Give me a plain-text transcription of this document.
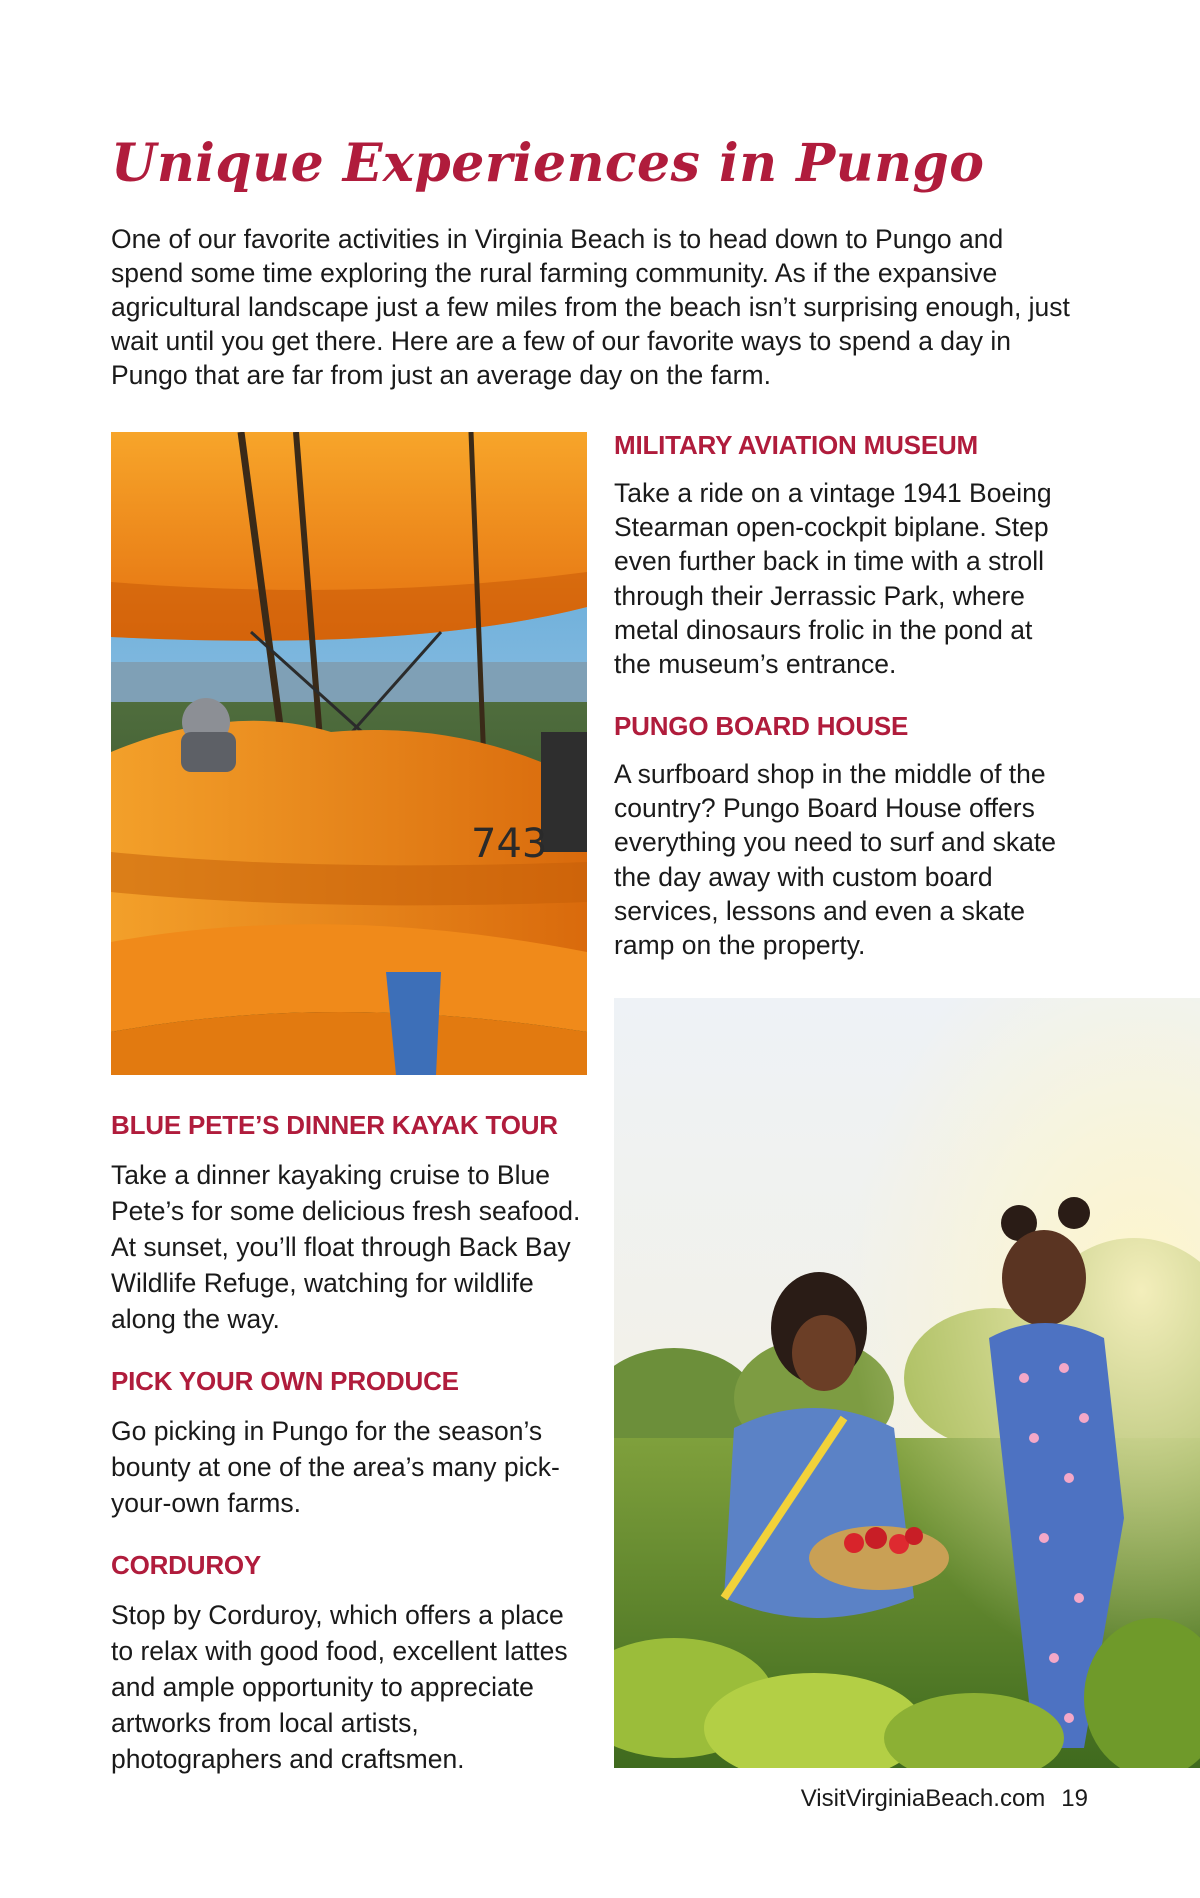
Unique Experiences in Pungo

One of our favorite activities in Virginia Beach is to head down to Pungo and spend some time exploring the rural farming community. As if the expansive agricultural landscape just a few miles from the beach isn’t surprising enough, just wait until you get there. Here are a few of our favorite ways to spend a day in Pungo that are far from just an average day on the farm.

743
MILITARY AVIATION MUSEUM

Take a ride on a vintage 1941 Boeing Stearman open-cockpit biplane. Step even further back in time with a stroll through their Jerrassic Park, where metal dinosaurs frolic in the pond at the museum’s entrance.

PUNGO BOARD HOUSE

A surfboard shop in the middle of the country? Pungo Board House offers everything you need to surf and skate the day away with custom board services, lessons and even a skate ramp on the property.

BLUE PETE’S DINNER KAYAK TOUR

Take a dinner kayaking cruise to Blue Pete’s for some delicious fresh seafood. At sunset, you’ll float through Back Bay Wildlife Refuge, watching for wildlife along the way.

PICK YOUR OWN PRODUCE

Go picking in Pungo for the season’s bounty at one of the area’s many pick-your-own farms.

CORDUROY

Stop by Corduroy, which offers a place to relax with good food, excellent lattes and ample opportunity to appreciate artworks from local artists, photographers and craftsmen.

VisitVirginiaBeach.com 19
